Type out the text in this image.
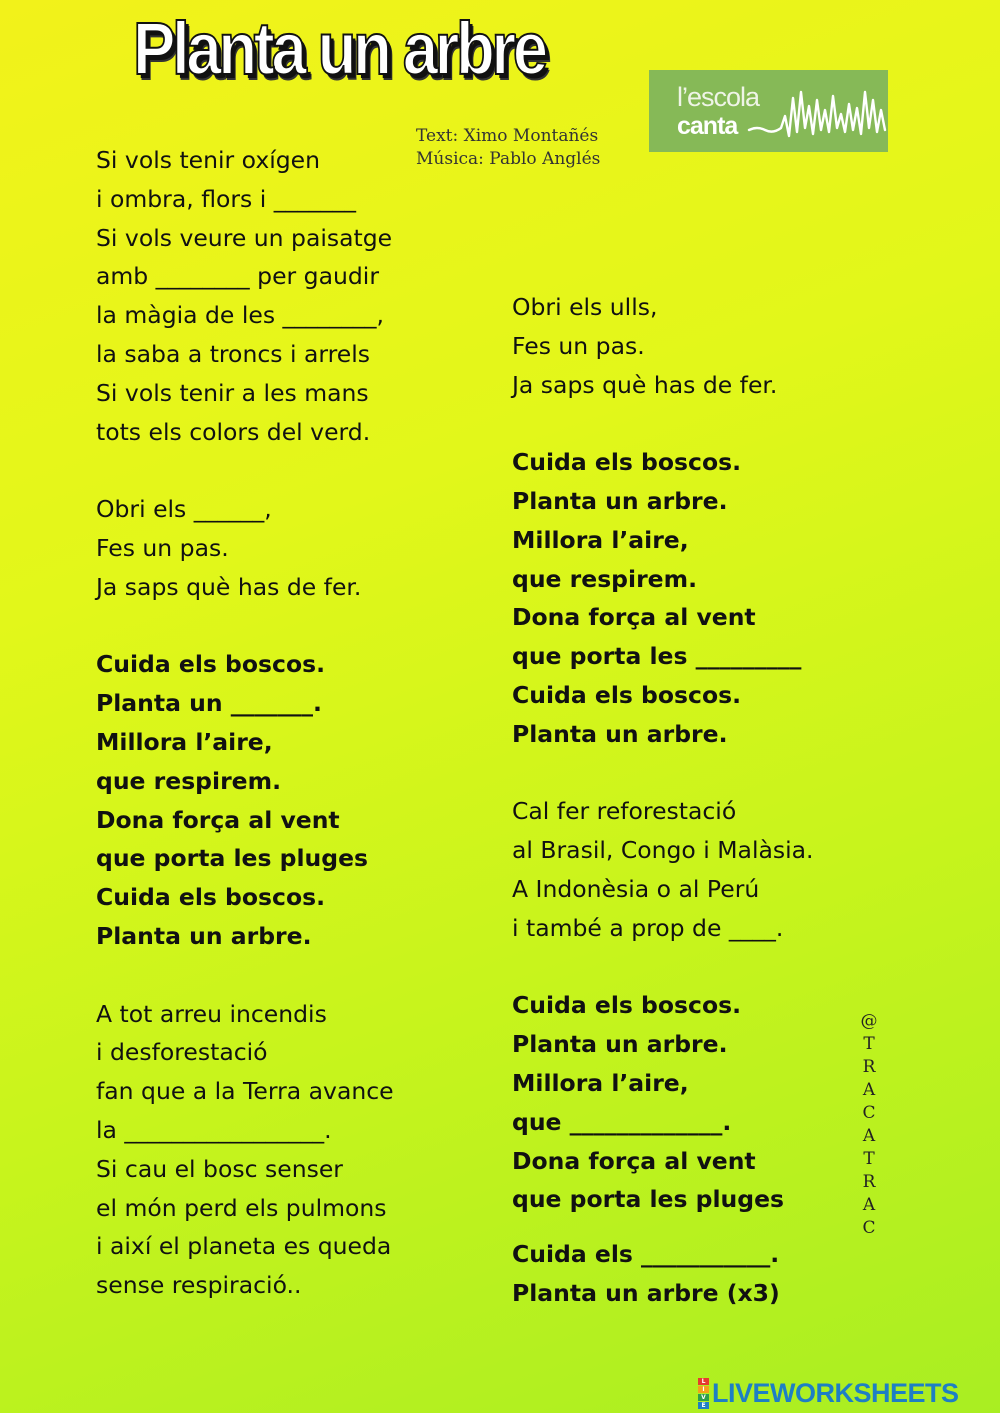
Planta un arbre
Text: Ximo Montañés
Música: Pablo Anglés
l’escola
canta
Si vols tenir oxígen
i ombra, flors i _______
Si vols veure un paisatge
amb ________ per gaudir
la màgia de les ________,
la saba a troncs i arrels
Si vols tenir a les mans
tots els colors del verd.
Obri els ______,
Fes un pas.
Ja saps què has de fer.
Cuida els boscos.
Planta un _______.
Millora l’aire,
que respirem.
Dona força al vent
que porta les pluges
Cuida els boscos.
Planta un arbre.
A tot arreu incendis
i desforestació
fan que a la Terra avance
la _________________.
Si cau el bosc senser
el món perd els pulmons
i així el planeta es queda
sense respiració..
Obri els ulls,
Fes un pas.
Ja saps què has de fer.
Cuida els boscos.
Planta un arbre.
Millora l’aire,
que respirem.
Dona força al vent
que porta les _________
Cuida els boscos.
Planta un arbre.
Cal fer reforestació
al Brasil, Congo i Malàsia.
A Indonèsia o al Perú
i també a prop de ____.
Cuida els boscos.
Planta un arbre.
Millora l’aire,
que _____________.
Dona força al vent
que porta les pluges
Cuida els ___________.
Planta un arbre (x3)
@
T
R
A
C
A
T
R
A
C
L
I
V
E LIVEWORKSHEETS
